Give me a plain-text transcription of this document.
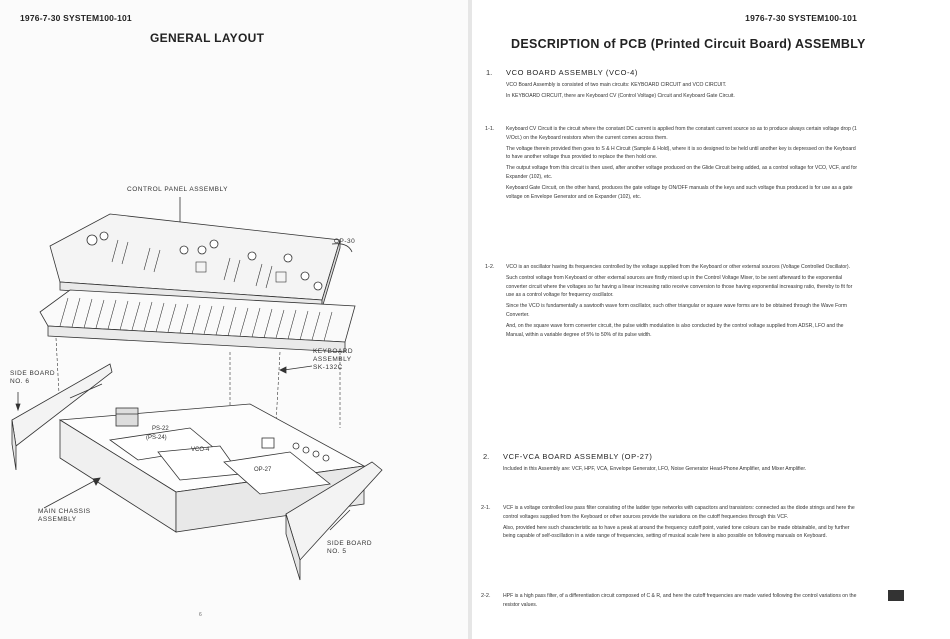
1976-7-30 SYSTEM100-101
GENERAL LAYOUT
CONTROL PANEL ASSEMBLY
OP-30
KEYBOARD
ASSEMBLY
SK-132C
SIDE BOARD
NO. 6
MAIN CHASSIS
ASSEMBLY
SIDE BOARD
NO. 5
PS-22
(PS-24)
VCO-4
OP-27
6
1976-7-30 SYSTEM100-101
DESCRIPTION of PCB (Printed Circuit Board) ASSEMBLY
1. VCO BOARD ASSEMBLY (VCO-4)

VCO Board Assembly is consisted of two main circuits: KEYBOARD CIRCUIT and VCO CIRCUIT.

In KEYBOARD CIRCUIT, there are Keyboard CV (Control Voltage) Circuit and Keyboard Gate Circuit.

1-1. Keyboard CV Circuit is the circuit where the constant DC current is applied from the constant current source so as to produce always certain voltage drop (1 V/Oct.) on the Keyboard resistors when the current comes across them.

The voltage therein provided then goes to S & H Circuit (Sample & Hold), where it is so designed to be held until another key is depressed on the Keyboard to have another voltage thus provided to replace the then hold one.

The output voltage from this circuit is then used, after another voltage produced on the Glide Circuit being added, as a control voltage for VCO, VCF, and for Expander (102), etc.

Keyboard Gate Circuit, on the other hand, produces the gate voltage by ON/OFF manuals of the keys and such voltage thus produced is for use as a gate voltage on Envelope Generator and on Expander (102), etc.

1-2. VCO is an oscillator having its frequencies controlled by the voltage supplied from the Keyboard or other external sources (Voltage Controlled Oscillator).

Such control voltage from Keyboard or other external sources are firstly mixed up in the Control Voltage Mixer, to be sent afterward to the exponential converter circuit where the voltages so far having a linear increasing ratio receive conversion to those having exponential increasing ratio, thereby to fit for use as a control voltage for frequency oscillator.

Since the VCO is fundamentally a sawtooth wave form oscillator, such other triangular or square wave forms are to be obtained through the Wave Form Converter.

And, on the square wave form converter circuit, the pulse width modulation is also conducted by the control voltage supplied from ADSR, LFO and the Manual, within a variable degree of 5% to 50% of its pulse width.

2. VCF-VCA BOARD ASSEMBLY (OP-27)

Included in this Assembly are: VCF, HPF, VCA, Envelope Generator, LFO, Noise Generator Head-Phone Amplifier, and Mixer Amplifier.

2-1. VCF is a voltage controlled low pass filter consisting of the ladder type networks with capacitors and transistors: connected as the diode strings and here the control voltages supplied from the Keyboard or other sources provide the variations on the cutoff frequencies through this VCF.

Also, provided here such characteristic as to have a peak at around the frequency cutoff point, varied tone colours can be made obtainable, and by further being capable of self-oscillation in a wide range of frequencies, setting of musical scale here is also possible on following manuals on Keyboard.

2-2. HPF is a high pass filter, of a differentiation circuit composed of C & R, and here the cutoff frequencies are made varied following the control variations on the resistor values.
